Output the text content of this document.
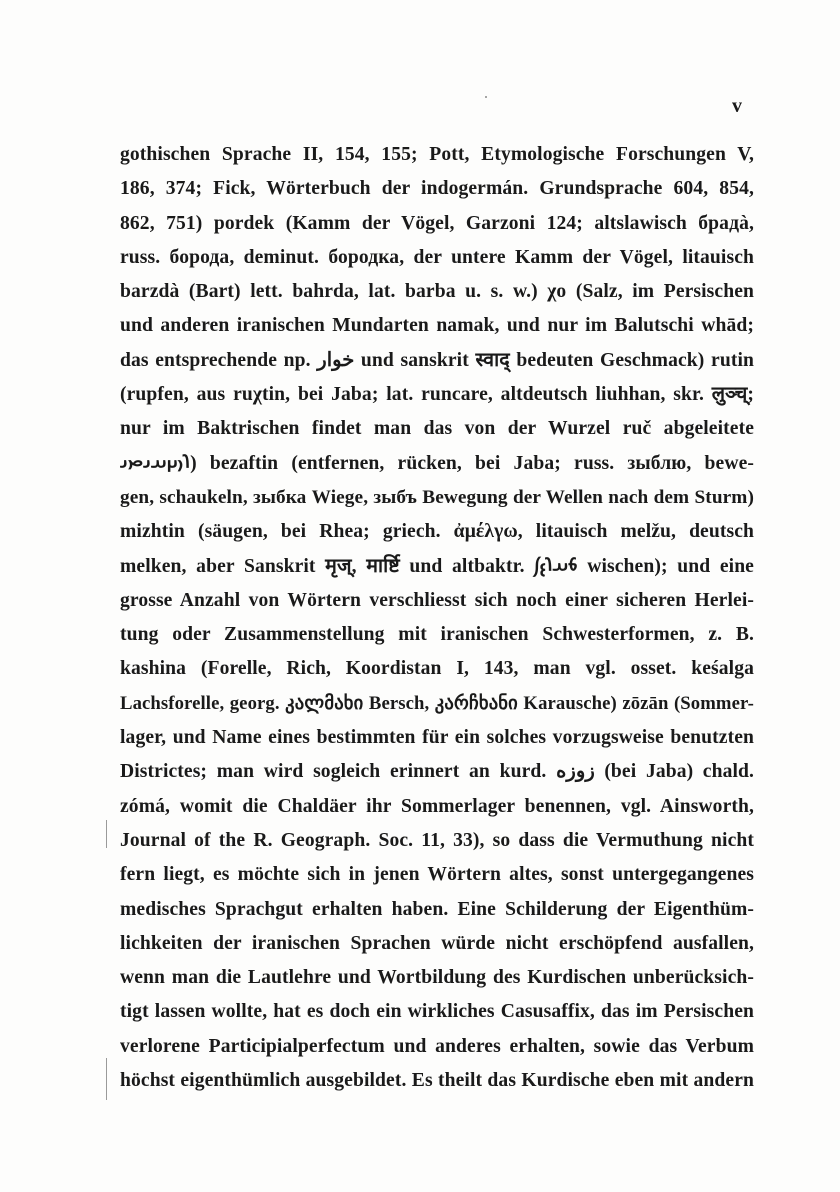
v
gothischen Sprache II, 154, 155; Pott, Etymologische Forschungen V,
186, 374; Fick, Wörterbuch der indogermán. Grundsprache 604, 854,
862, 751) pordek (Kamm der Vögel, Garzoni 124; altslawisch брадà,
russ. борода, deminut. бородка, der untere Kamm der Vögel, litauisch
barzdà (Bart) lett. bahrda, lat. barba u. s. w.) χo (Salz, im Persischen
und anderen iranischen Mundarten namak, und nur im Balutschi whād;
das entsprechende np. خوار und sanskrit स्वाद् bedeuten Geschmack) rutin
(rupfen, aus ruχtin, bei Jaba; lat. runcare, altdeutsch liuhhan, skr. लुञ्च्;
nur im Baktrischen findet man das von der Wurzel ruč abgeleitete
𐬭𐬎𐬗𐬀𐬌𐬙𐬌) bezaftin (entfernen, rücken, bei Jaba; russ. зыблю, bewe-
gen, schaukeln, зыбка Wiege, зыбъ Bewegung der Wellen nach dem Sturm)
mizhtin (säugen, bei Rhea; griech. ἀμέλγω, litauisch melžu, deutsch
melken, aber Sanskrit मृज्, मार्ष्टि und altbaktr. 𐬨𐬀𐬭𐬆𐬰 wischen); und eine
grosse Anzahl von Wörtern verschliesst sich noch einer sicheren Herlei-
tung oder Zusammenstellung mit iranischen Schwesterformen, z. B.
kashina (Forelle, Rich, Koordistan I, 143, man vgl. osset. keśalga
Lachsforelle, georg. კალმახი Bersch, კარჩხანი Karausche) zōzān (Sommer-
lager, und Name eines bestimmten für ein solches vorzugsweise benutzten
Districtes; man wird sogleich erinnert an kurd. زوزه (bei Jaba) chald.
zómá, womit die Chaldäer ihr Sommerlager benennen, vgl. Ainsworth,
Journal of the R. Geograph. Soc. 11, 33), so dass die Vermuthung nicht
fern liegt, es möchte sich in jenen Wörtern altes, sonst untergegangenes
medisches Sprachgut erhalten haben. Eine Schilderung der Eigenthüm-
lichkeiten der iranischen Sprachen würde nicht erschöpfend ausfallen,
wenn man die Lautlehre und Wortbildung des Kurdischen unberücksich-
tigt lassen wollte, hat es doch ein wirkliches Casusaffix, das im Persischen
verlorene Participialperfectum und anderes erhalten, sowie das Verbum
höchst eigenthümlich ausgebildet. Es theilt das Kurdische eben mit andern
